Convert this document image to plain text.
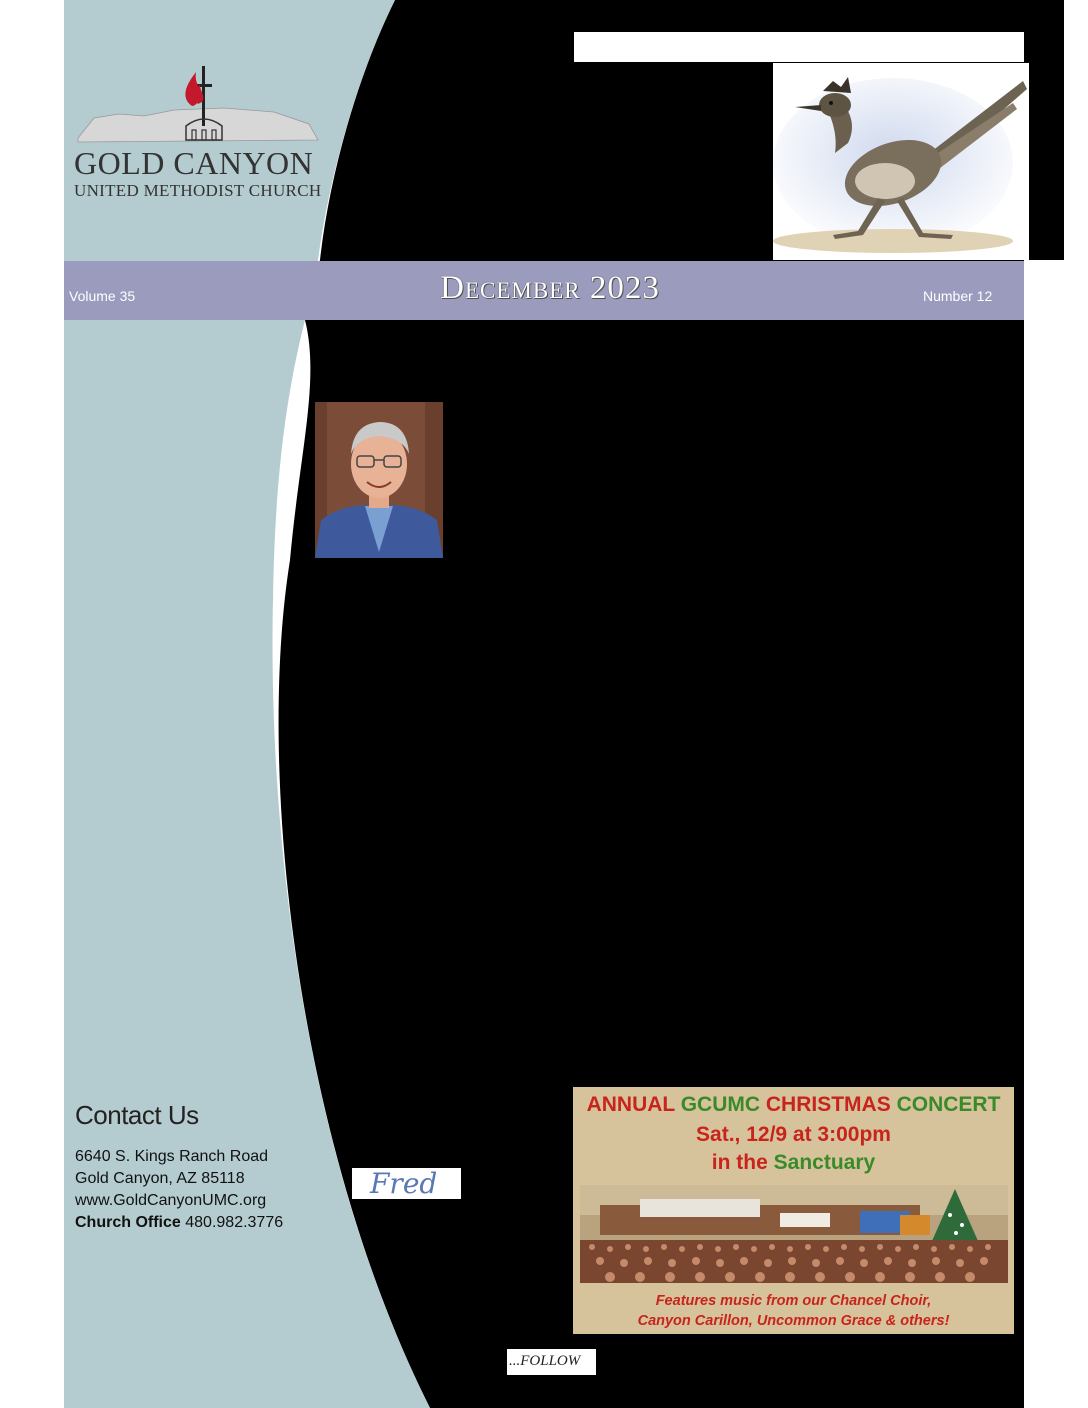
GOLD CANYON
UNITED METHODIST CHURCH
Volume 35	December 2023	Number 12
Contact Us
6640 S. Kings Ranch Road
Gold Canyon, AZ 85118
www.GoldCanyonUMC.org
Church Office 480.982.3776
Fred
ANNUAL GCUMC CHRISTMAS CONCERT
Sat., 12/9 at 3:00pm
in the Sanctuary
Features music from our Chancel Choir,
Canyon Carillon, Uncommon Grace & others!
...FOLLOW
